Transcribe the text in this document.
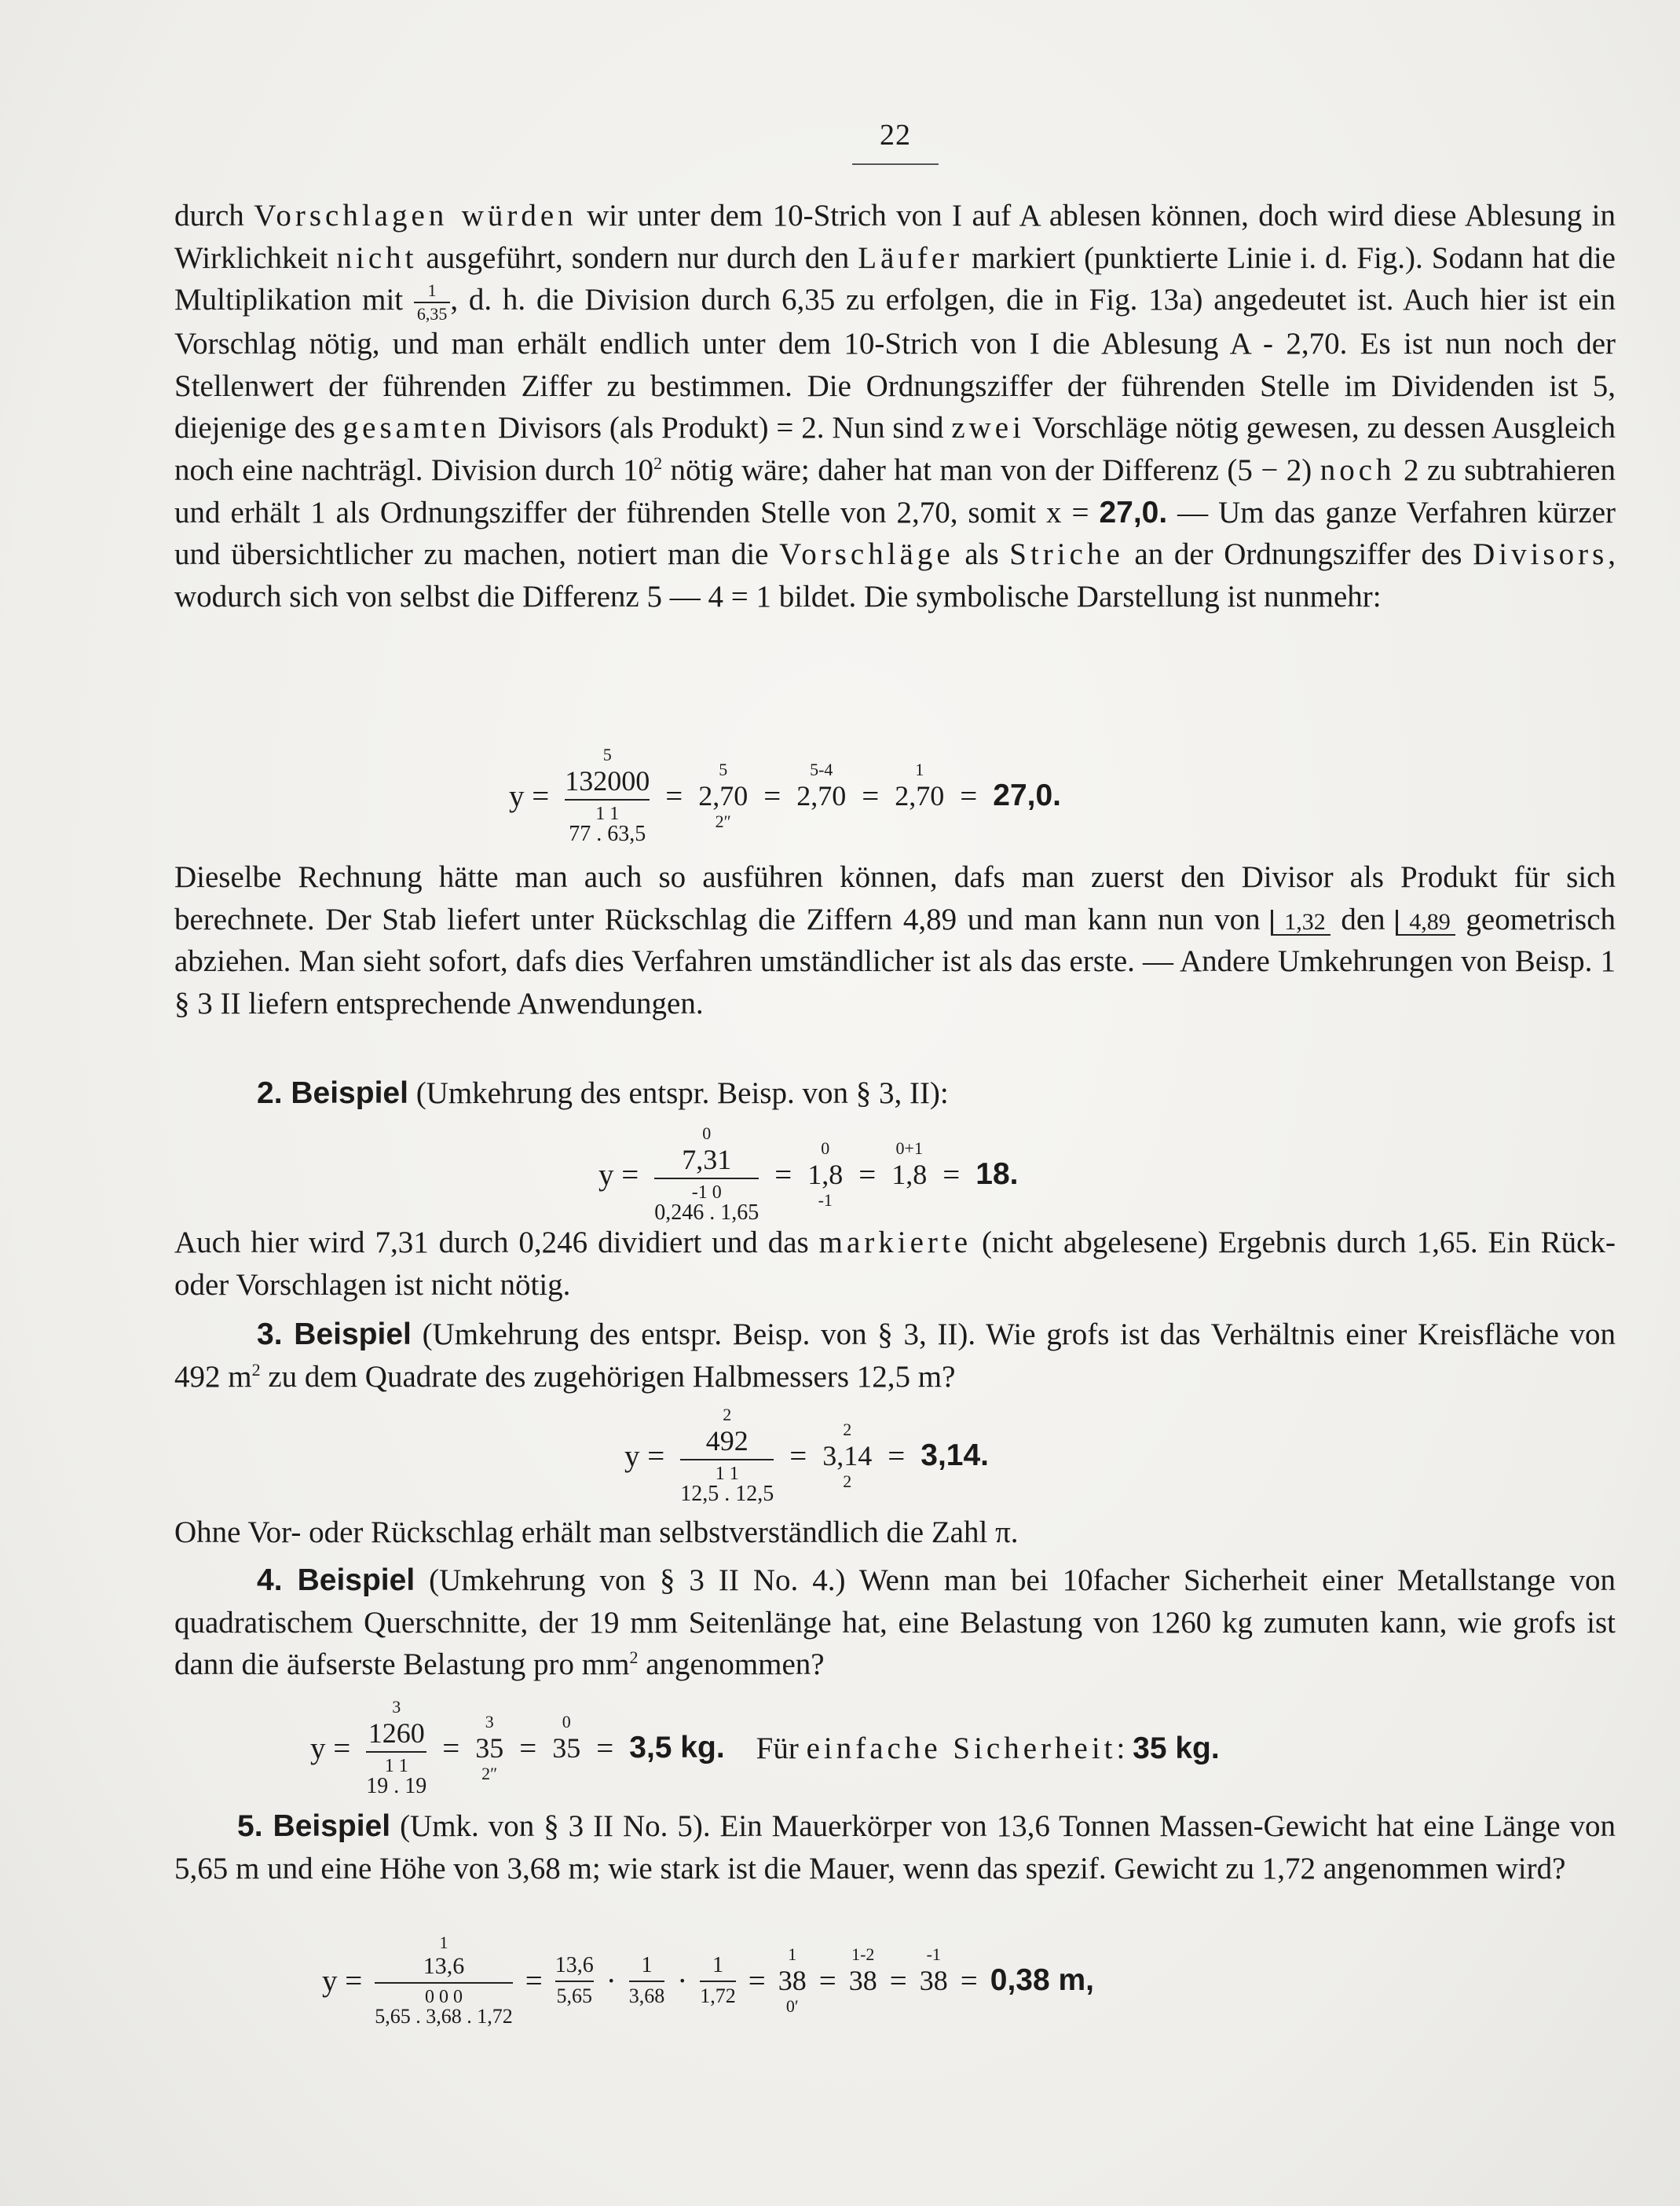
22
durch Vorschlagen würden wir unter dem 10-Strich von I auf A ablesen können, doch wird diese Ablesung in Wirklichkeit nicht ausgeführt, sondern nur durch den Läufer markiert (punktierte Linie i. d. Fig.). Sodann hat die Multiplikation mit $\frac{1}{6,35}$ , d. h. die Division durch 6,35 zu erfolgen, die in Fig. 13a) angedeutet ist. Auch hier ist ein Vorschlag nötig, und man erhält endlich unter dem 10-Strich von I die Ablesung A - 2,70. Es ist nun noch der Stellenwert der führenden Ziffer zu bestimmen. Die Ordnungsziffer der führenden Stelle im Dividenden ist 5, diejenige des gesamten Divisors (als Produkt) = 2. Nun sind zwei Vorschläge nötig gewesen, zu dessen Ausgleich noch eine nachträgl. Division durch $10^2$ nötig wäre; daher hat man von der Differenz (5 − 2) noch 2 zu subtrahieren und erhält 1 als Ordnungsziffer der führenden Stelle von 2,70, somit x = 27,0. — Um das ganze Verfahren kürzer und übersichtlicher zu machen, notiert man die Vorschläge als Striche an der Ordnungsziffer des Divisors, wodurch sich von selbst die Differenz 5 — 4 = 1 bildet. Die symbolische Darstellung ist nunmehr:
y =
5
132000
1 1
77 . 63,5
=
5
2,70
2″
=
5-4
2,70
=
1
2,70
= 27,0.
Dieselbe Rechnung hätte man auch so ausführen können, dafs man zuerst den Divisor als Produkt für sich berechnete. Der Stab liefert unter Rückschlag die Ziffern 4,89 und man kann nun von 1,32 den 4,89 geometrisch abziehen. Man sieht sofort, dafs dies Verfahren umständlicher ist als das erste. — Andere Umkehrungen von Beisp. 1 § 3 II liefern entsprechende Anwendungen.
2. Beispiel (Umkehrung des entspr. Beisp. von § 3, II):
y =
0
7,31
-1 0
0,246 . 1,65
=
0
1,8
-1
=
0+1
1,8
= 18.
Auch hier wird 7,31 durch 0,246 dividiert und das markierte (nicht abgelesene) Ergebnis durch 1,65. Ein Rück- oder Vorschlagen ist nicht nötig.
3. Beispiel (Umkehrung des entspr. Beisp. von § 3, II). Wie grofs ist das Verhältnis einer Kreisfläche von 492 $m^2$ zu dem Quadrate des zugehörigen Halbmessers 12,5 m?
y =
2
492
1 1
12,5 . 12,5
=
2
3,14
2
= 3,14.
Ohne Vor- oder Rückschlag erhält man selbstverständlich die Zahl π.
4. Beispiel (Umkehrung von § 3 II No. 4.) Wenn man bei 10facher Sicherheit einer Metallstange von quadratischem Querschnitte, der 19 mm Seitenlänge hat, eine Belastung von 1260 kg zumuten kann, wie grofs ist dann die äufserste Belastung pro $mm^2$ angenommen?
y =
3
1260
1 1
19 . 19
=
3
35
2″
=
0
35
= 3,5 kg. Für einfache Sicherheit: 35 kg.
5. Beispiel (Umk. von § 3 II No. 5). Ein Mauerkörper von 13,6 Tonnen Massen-Gewicht hat eine Länge von 5,65 m und eine Höhe von 3,68 m; wie stark ist die Mauer, wenn das spezif. Gewicht zu 1,72 angenommen wird?
y =
1
13,6
0 0 0
5,65 . 3,68 . 1,72
= 13,6
5,65 · 1
3,68 · 1
1,72 =
1
38
0′
=
1-2
38
=
-1
38
= 0,38 m,
